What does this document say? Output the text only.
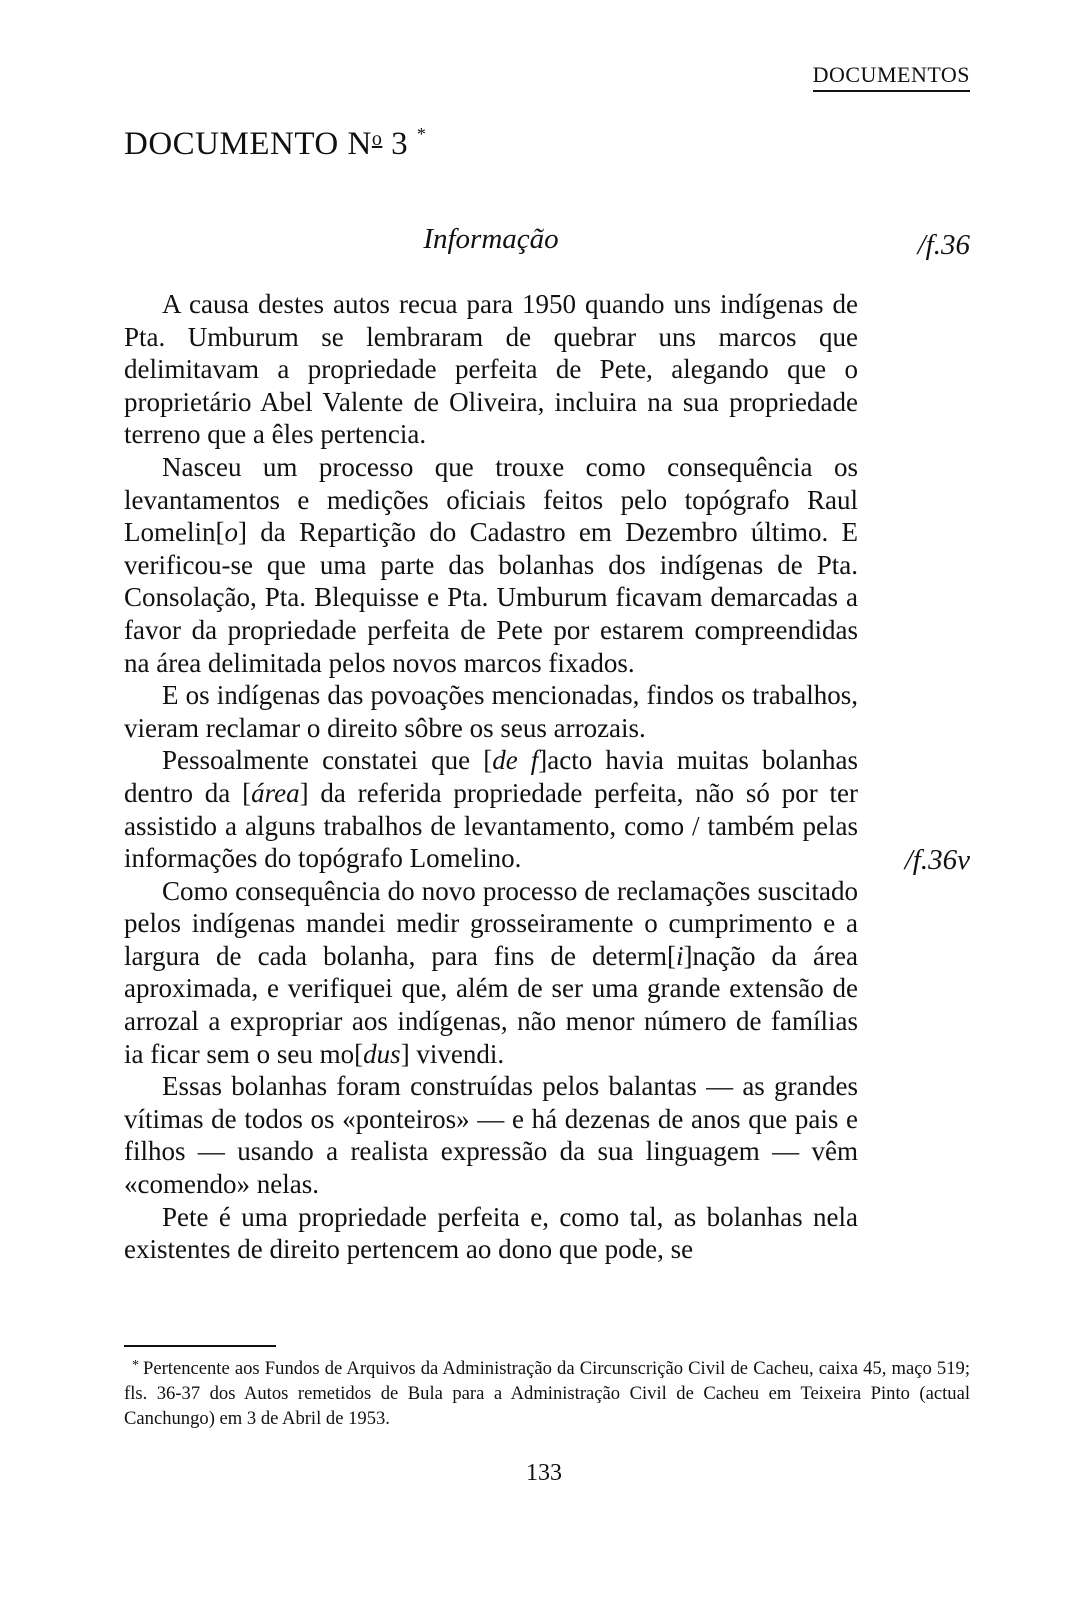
DOCUMENTOS
DOCUMENTO $N^o$ 3 *
Informação	/f.36
/f.36v

A causa destes autos recua para 1950 quando uns indígenas de Pta. Umburum se lembraram de quebrar uns marcos que delimitavam a propriedade perfeita de Pete, alegando que o proprietário Abel Valente de Oliveira, incluira na sua propriedade terreno que a êles pertencia.

Nasceu um processo que trouxe como consequência os levantamentos e medições oficiais feitos pelo topógrafo Raul Lomelin[o] da Repartição do Cadastro em Dezembro último. E verificou-se que uma parte das bolanhas dos indígenas de Pta. Consolação, Pta. Blequisse e Pta. Umburum ficavam demarcadas a favor da propriedade perfeita de Pete por estarem compreendidas na área delimitada pelos novos marcos fixados.

E os indígenas das povoações mencionadas, findos os trabalhos, vieram reclamar o direito sôbre os seus arrozais.

Pessoalmente constatei que [de f]acto havia muitas bolanhas dentro da [área] da referida propriedade perfeita, não só por ter assistido a alguns trabalhos de levantamento, como / também pelas informações do topógrafo Lomelino.

Como consequência do novo processo de reclamações suscitado pelos indígenas mandei medir grosseiramente o cumprimento e a largura de cada bolanha, para fins de determ[i]nação da área aproximada, e verifiquei que, além de ser uma grande extensão de arrozal a expropriar aos indígenas, não menor número de famílias ia ficar sem o seu mo[dus] vivendi.

Essas bolanhas foram construídas pelos balantas — as grandes vítimas de todos os «ponteiros» — e há dezenas de anos que pais e filhos — usando a realista expressão da sua linguagem — vêm «comendo» nelas.

Pete é uma propriedade perfeita e, como tal, as bolanhas nela existentes de direito pertencem ao dono que pode, se

* Pertencente aos Fundos de Arquivos da Administração da Circunscrição Civil de Cacheu, caixa 45, maço 519; fls. 36-37 dos Autos remetidos de Bula para a Administração Civil de Cacheu em Teixeira Pinto (actual Canchungo) em 3 de Abril de 1953.
133
